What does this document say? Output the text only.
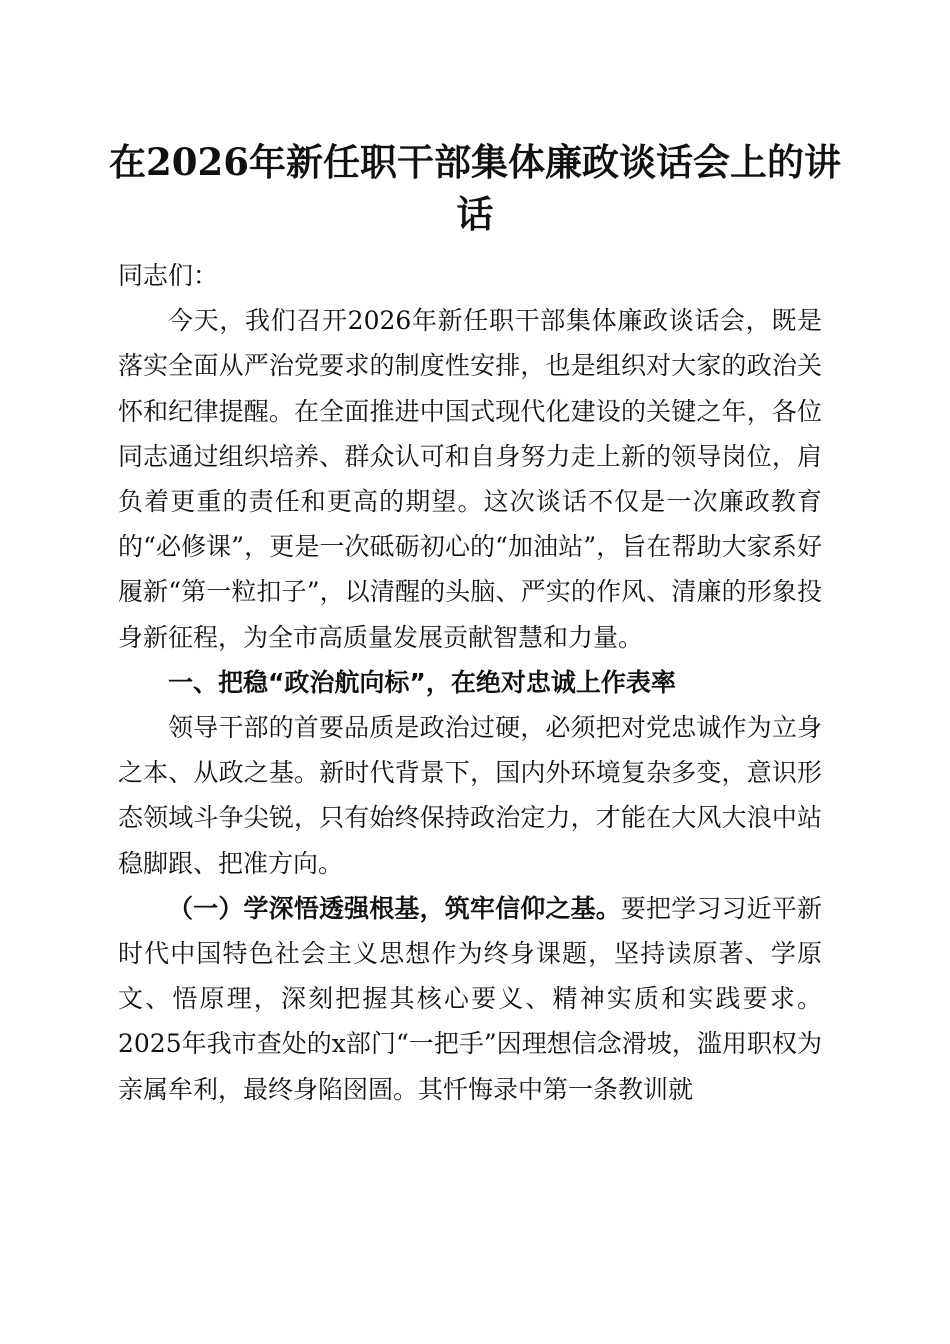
在2026年新任职干部集体廉政谈话会上的讲话

同志们：

今天，我们召开2026年新任职干部集体廉政谈话会，既是落实全面从严治党要求的制度性安排，也是组织对大家的政治关怀和纪律提醒。在全面推进中国式现代化建设的关键之年，各位同志通过组织培养、群众认可和自身努力走上新的领导岗位，肩负着更重的责任和更高的期望。这次谈话不仅是一次廉政教育的“必修课”，更是一次砥砺初心的“加油站”，旨在帮助大家系好履新“第一粒扣子”，以清醒的头脑、严实的作风、清廉的形象投身新征程，为全市高质量发展贡献智慧和力量。

一、把稳“政治航向标”，在绝对忠诚上作表率

领导干部的首要品质是政治过硬，必须把对党忠诚作为立身之本、从政之基。新时代背景下，国内外环境复杂多变，意识形态领域斗争尖锐，只有始终保持政治定力，才能在大风大浪中站稳脚跟、把准方向。

（一）学深悟透强根基，筑牢信仰之基。要把学习习近平新时代中国特色社会主义思想作为终身课题，坚持读原著、学原文、悟原理，深刻把握其核心要义、精神实质和实践要求。2025年我市查处的x部门“一把手”因理想信念滑坡，滥用职权为亲属牟利，最终身陷囹圄。其忏悔录中第一条教训就
